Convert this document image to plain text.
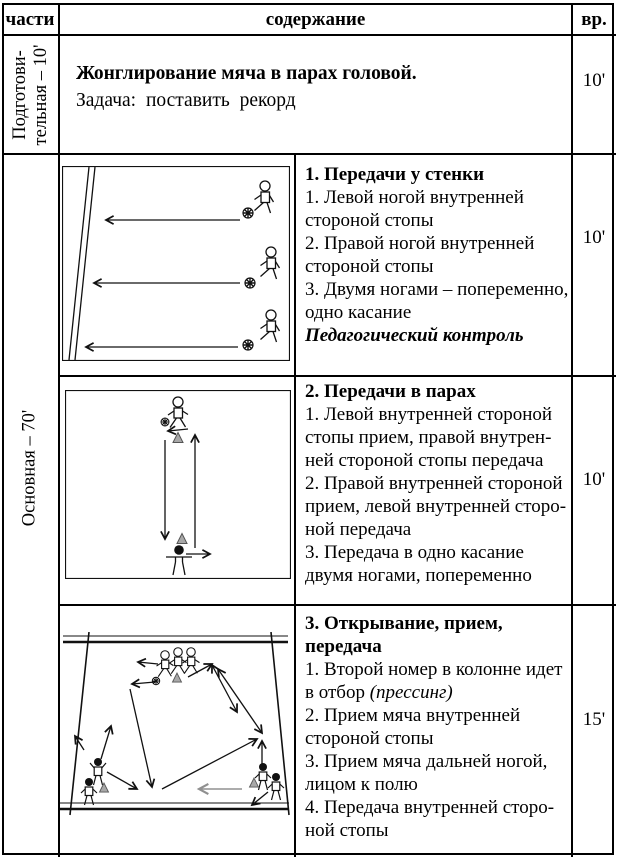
части	содержание	вр.
Подготови- тельная – 10'
Основная – 70'
Жонглирование мяча в парах головой.
Задача: поставить рекорд
10'
1. Передачи у стенки
1. Левой ногой внутренней
стороной стопы
2. Правой ногой внутренней
стороной стопы
3. Двумя ногами – попеременно,
одно касание
Педагогический контроль
10'
2. Передачи в парах
1. Левой внутренней стороной
стопы прием, правой внутрен-
ней стороной стопы передача
2. Правой внутренней стороной
прием, левой внутренней сторо-
ной передача
3. Передача в одно касание
двумя ногами, попеременно
10'
3. Открывание, прием,
передача
1. Второй номер в колонне идет
в отбор (прессинг)
2. Прием мяча внутренней
стороной стопы
3. Прием мяча дальней ногой,
лицом к полю
4. Передача внутренней сторо-
ной стопы
15'
